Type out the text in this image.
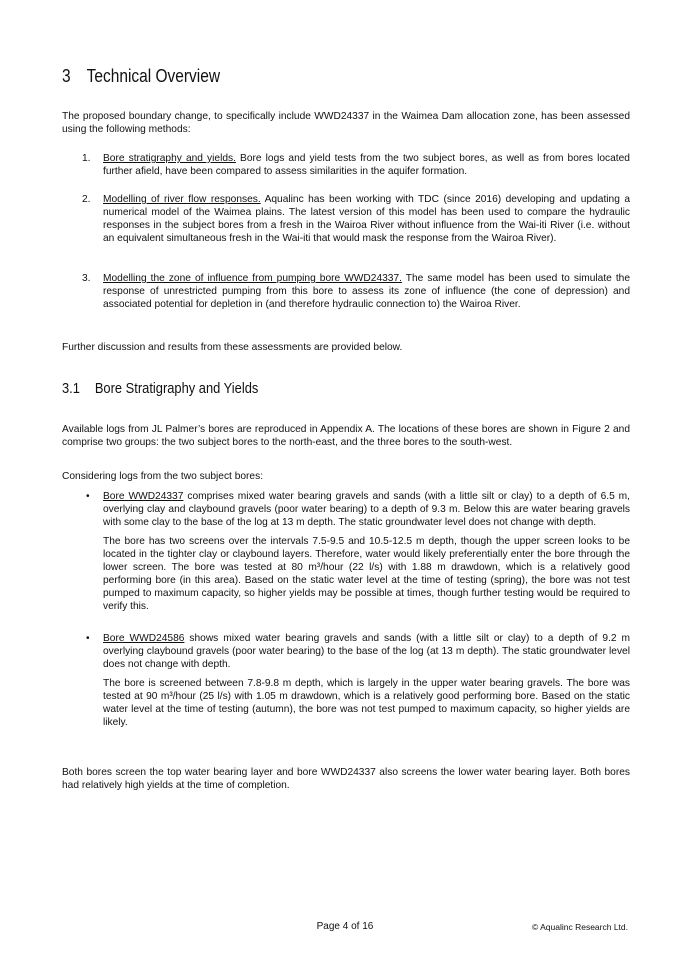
3 Technical Overview

The proposed boundary change, to specifically include WWD24337 in the Waimea Dam allocation zone, has been assessed using the following methods:

1. Bore stratigraphy and yields. Bore logs and yield tests from the two subject bores, as well as from bores located further afield, have been compared to assess similarities in the aquifer formation.
2. Modelling of river flow responses. Aqualinc has been working with TDC (since 2016) developing and updating a numerical model of the Waimea plains. The latest version of this model has been used to compare the hydraulic responses in the subject bores from a fresh in the Wairoa River without influence from the Wai-iti River (i.e. without an equivalent simultaneous fresh in the Wai-iti that would mask the response from the Wairoa River).
3. Modelling the zone of influence from pumping bore WWD24337. The same model has been used to simulate the response of unrestricted pumping from this bore to assess its zone of influence (the cone of depression) and associated potential for depletion in (and therefore hydraulic connection to) the Wairoa River.

Further discussion and results from these assessments are provided below.

3.1 Bore Stratigraphy and Yields

Available logs from JL Palmer’s bores are reproduced in Appendix A. The locations of these bores are shown in Figure 2 and comprise two groups: the two subject bores to the north-east, and the three bores to the south-west.

Considering logs from the two subject bores:

• Bore WWD24337 comprises mixed water bearing gravels and sands (with a little silt or clay) to a depth of 6.5 m, overlying clay and claybound gravels (poor water bearing) to a depth of 9.3 m. Below this are water bearing gravels with some clay to the base of the log at 13 m depth. The static groundwater level does not change with depth.

The bore has two screens over the intervals 7.5-9.5 and 10.5-12.5 m depth, though the upper screen looks to be located in the tighter clay or claybound layers. Therefore, water would likely preferentially enter the bore through the lower screen. The bore was tested at 80 m³/hour (22 l/s) with 1.88 m drawdown, which is a relatively good performing bore (in this area). Based on the static water level at the time of testing (spring), the bore was not test pumped to maximum capacity, so higher yields may be possible at times, though further testing would be required to verify this.

• Bore WWD24586 shows mixed water bearing gravels and sands (with a little silt or clay) to a depth of 9.2 m overlying claybound gravels (poor water bearing) to the base of the log (at 13 m depth). The static groundwater level does not change with depth.

The bore is screened between 7.8-9.8 m depth, which is largely in the upper water bearing gravels. The bore was tested at 90 m³/hour (25 l/s) with 1.05 m drawdown, which is a relatively good performing bore. Based on the static water level at the time of testing (autumn), the bore was not test pumped to maximum capacity, so higher yields are likely.

Both bores screen the top water bearing layer and bore WWD24337 also screens the lower water bearing layer. Both bores had relatively high yields at the time of completion.

Page 4 of 16	© Aqualinc Research Ltd.
